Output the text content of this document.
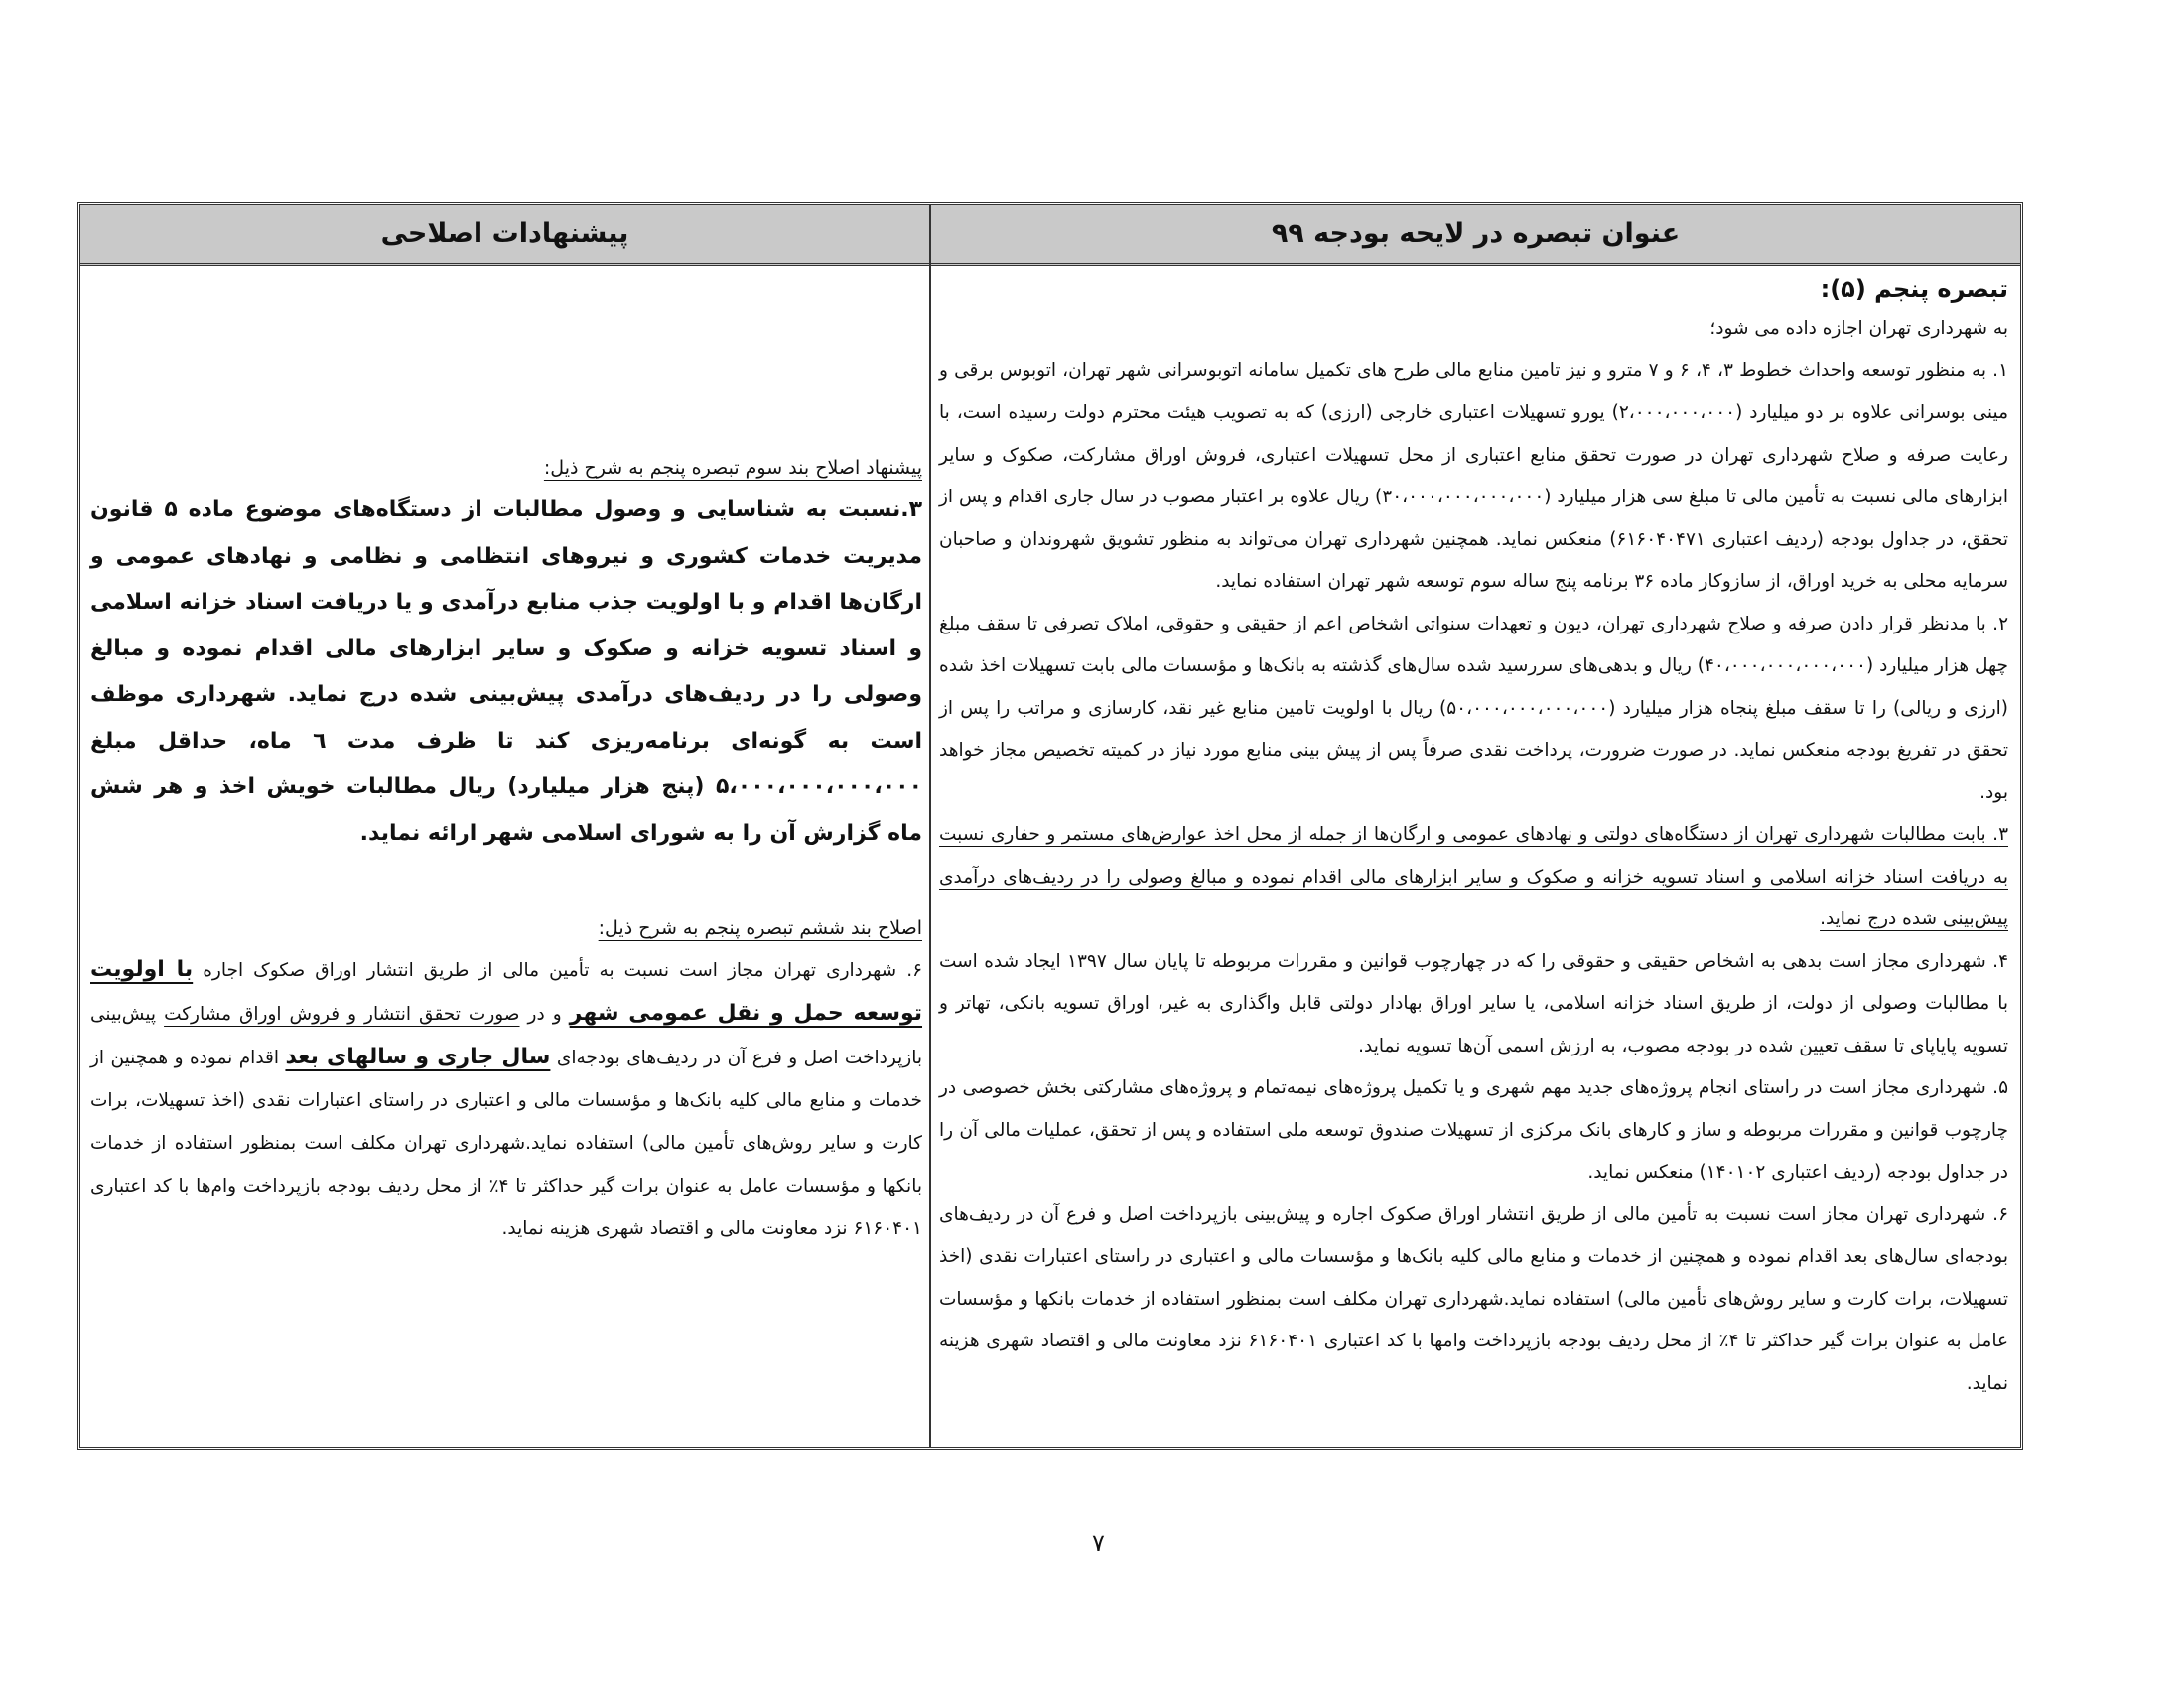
پیشنهادات اصلاحی	عنوان تبصره در لایحه بودجه ۹۹

تبصره پنجم (۵):

به شهرداری تهران اجازه داده می شود؛

۱. به منظور توسعه واحداث خطوط ۳، ۴، ۶ و ۷ مترو و نیز تامین منابع مالی طرح های تکمیل سامانه اتوبوسرانی شهر تهران، اتوبوس برقی و مینی بوسرانی علاوه بر دو میلیارد (۲،۰۰۰،۰۰۰،۰۰۰) یورو تسهیلات اعتباری خارجی (ارزی) که به تصویب هیئت محترم دولت رسیده است، با رعایت صرفه و صلاح شهرداری تهران در صورت تحقق منابع اعتباری از محل تسهیلات اعتباری، فروش اوراق مشارکت، صکوک و سایر ابزارهای مالی نسبت به تأمین مالی تا مبلغ سی هزار میلیارد (۳۰،۰۰۰،۰۰۰،۰۰۰،۰۰۰) ریال علاوه بر اعتبار مصوب در سال جاری اقدام و پس از تحقق، در جداول بودجه (ردیف اعتباری ۶۱۶۰۴۰۴۷۱) منعکس نماید. همچنین شهرداری تهران می‌تواند به منظور تشویق شهروندان و صاحبان سرمایه محلی به خرید اوراق، از سازوکار ماده ۳۶ برنامه پنج ساله سوم توسعه شهر تهران استفاده نماید.

۲. با مدنظر قرار دادن صرفه و صلاح شهرداری تهران، دیون و تعهدات سنواتی اشخاص اعم از حقیقی و حقوقی، املاک تصرفی تا سقف مبلغ چهل هزار میلیارد (۴۰،۰۰۰،۰۰۰،۰۰۰،۰۰۰) ریال و بدهی‌های سررسید شده سال‌های گذشته به بانک‌ها و مؤسسات مالی بابت تسهیلات اخذ شده (ارزی و ریالی) را تا سقف مبلغ پنجاه هزار میلیارد (۵۰،۰۰۰،۰۰۰،۰۰۰،۰۰۰) ریال با اولویت تامین منابع غیر نقد، کارسازی و مراتب را پس از تحقق در تفریغ بودجه منعکس نماید. در صورت ضرورت، پرداخت نقدی صرفاً پس از پیش بینی منابع مورد نیاز در کمیته تخصیص مجاز خواهد بود.

۳. بابت مطالبات شهرداری تهران از دستگاه‌های دولتی و نهادهای عمومی و ارگان‌ها از جمله از محل اخذ عوارض‌های مستمر و حفاری نسبت به دریافت اسناد خزانه اسلامی و اسناد تسویه خزانه و صکوک و سایر ابزارهای مالی اقدام نموده و مبالغ وصولی را در ردیف‌های درآمدی پیش‌بینی شده درج نماید.

۴. شهرداری مجاز است بدهی به اشخاص حقیقی و حقوقی را که در چهارچوب قوانین و مقررات مربوطه تا پایان سال ۱۳۹۷ ایجاد شده است با مطالبات وصولی از دولت، از طریق اسناد خزانه اسلامی، یا سایر اوراق بهادار دولتی قابل واگذاری به غیر، اوراق تسویه بانکی، تهاتر و تسویه پایاپای تا سقف تعیین شده در بودجه مصوب، به ارزش اسمی آن‌ها تسویه نماید.

۵. شهرداری مجاز است در راستای انجام پروژه‌های جدید مهم شهری و یا تکمیل پروژه‌های نیمه‌تمام و پروژه‌های مشارکتی بخش خصوصی در چارچوب قوانین و مقررات مربوطه و ساز و کارهای بانک مرکزی از تسهیلات صندوق توسعه ملی استفاده و پس از تحقق، عملیات مالی آن را در جداول بودجه (ردیف اعتباری ۱۴۰۱۰۲) منعکس نماید.

۶. شهرداری تهران مجاز است نسبت به تأمین مالی از طریق انتشار اوراق صکوک اجاره و پیش‌بینی بازپرداخت اصل و فرع آن در ردیف‌های بودجه‌ای سال‌های بعد اقدام نموده و همچنین از خدمات و منابع مالی کلیه بانک‌ها و مؤسسات مالی و اعتباری در راستای اعتبارات نقدی (اخذ تسهیلات، برات کارت و سایر روش‌های تأمین مالی) استفاده نماید.شهرداری تهران مکلف است بمنظور استفاده از خدمات بانکها و مؤسسات عامل به عنوان برات گیر حداکثر تا ۴٪ از محل ردیف بودجه بازپرداخت وامها با کد اعتباری ۶۱۶۰۴۰۱ نزد معاونت مالی و اقتصاد شهری هزینه نماید.

پیشنهاد اصلاح بند سوم تبصره پنجم به شرح ذیل:

۳.نسبت به شناسایی و وصول مطالبات از دستگاه‌های موضوع ماده ۵ قانون مدیریت خدمات کشوری و نیروهای انتظامی و نظامی و نهادهای عمومی و ارگان‌ها اقدام و با اولویت جذب منابع درآمدی و یا دریافت اسناد خزانه اسلامی و اسناد تسویه خزانه و صکوک و سایر ابزارهای مالی اقدام نموده و مبالغ وصولی را در ردیف‌های درآمدی پیش‌بینی شده درج نماید. شهرداری موظف است به گونه‌ای برنامه‌ریزی کند تا ظرف مدت ٦ ماه، حداقل مبلغ ۵،۰۰۰،۰۰۰،۰۰۰،۰۰۰ (پنج هزار میلیارد) ریال مطالبات خویش اخذ و هر شش ماه گزارش آن را به شورای اسلامی شهر ارائه نماید.

اصلاح بند ششم تبصره پنجم به شرح ذیل:

۶. شهرداری تهران مجاز است نسبت به تأمین مالی از طریق انتشار اوراق صکوک اجاره با اولویت توسعه حمل و نقل عمومی شهر و در صورت تحقق انتشار و فروش اوراق مشارکت پیش‌بینی بازپرداخت اصل و فرع آن در ردیف‌های بودجه‌ای سال جاری و سالهای بعد اقدام نموده و همچنین از خدمات و منابع مالی کلیه بانک‌ها و مؤسسات مالی و اعتباری در راستای اعتبارات نقدی (اخذ تسهیلات، برات کارت و سایر روش‌های تأمین مالی) استفاده نماید.شهرداری تهران مکلف است بمنظور استفاده از خدمات بانکها و مؤسسات عامل به عنوان برات گیر حداکثر تا ۴٪ از محل ردیف بودجه بازپرداخت وام‌ها با کد اعتباری ۶۱۶۰۴۰۱ نزد معاونت مالی و اقتصاد شهری هزینه نماید.

۷
